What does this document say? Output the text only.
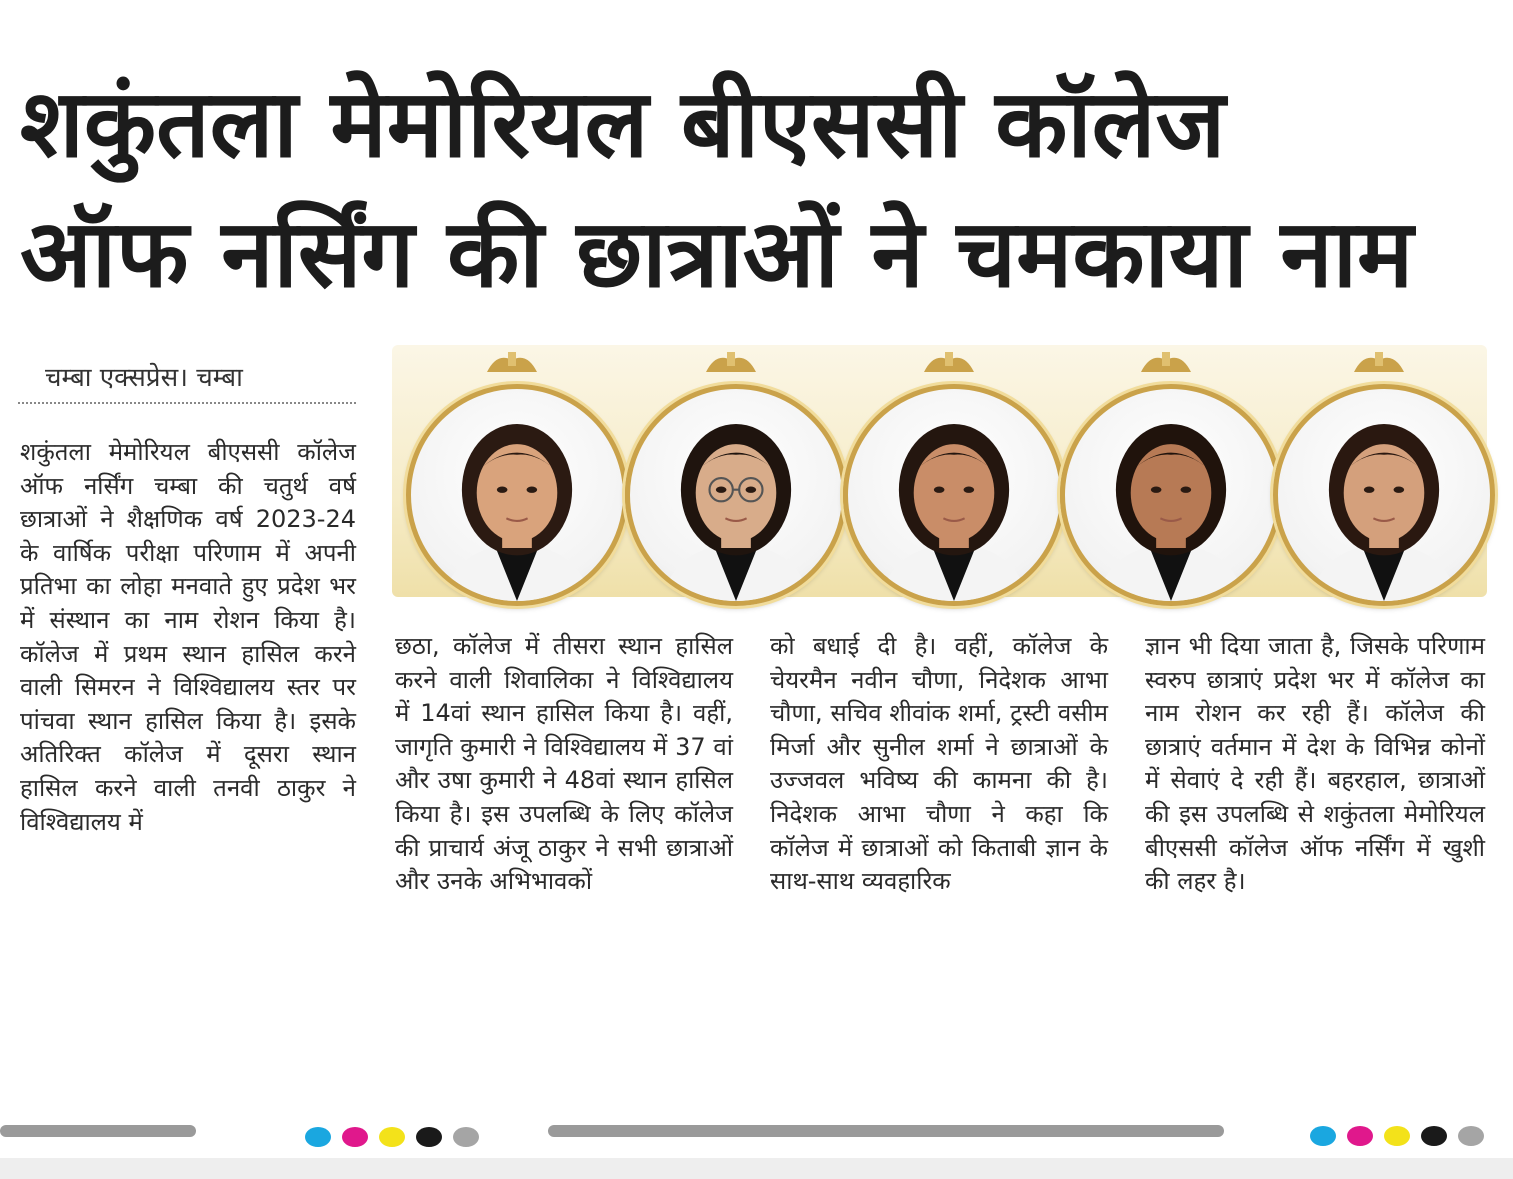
शकुंतला मेमोरियल बीएससी कॉलेज
ऑफ नर्सिंग की छात्राओं ने चमकाया नाम
चम्बा एक्सप्रेस। चम्बा

शकुंतला मेमोरियल बीएससी कॉलेज ऑफ नर्सिंग चम्बा की चतुर्थ वर्ष छात्राओं ने शैक्षणिक वर्ष 2023-24 के वार्षिक परीक्षा परिणाम में अपनी प्रतिभा का लोहा मनवाते हुए प्रदेश भर में संस्थान का नाम रोशन किया है। कॉलेज में प्रथम स्थान हासिल करने वाली सिमरन ने विश्विद्यालय स्तर पर पांचवा स्थान हासिल किया है। इसके अतिरिक्त कॉलेज में दूसरा स्थान हासिल करने वाली तनवी ठाकुर ने विश्विद्यालय में

छठा, कॉलेज में तीसरा स्थान हासिल करने वाली शिवालिका ने विश्विद्यालय में 14वां स्थान हासिल किया है। वहीं, जागृति कुमारी ने विश्विद्यालय में 37 वां और उषा कुमारी ने 48वां स्थान हासिल किया है। इस उपलब्धि के लिए कॉलेज की प्राचार्य अंजू ठाकुर ने सभी छात्राओं और उनके अभिभावकों

को बधाई दी है। वहीं, कॉलेज के चेयरमैन नवीन चौणा, निदेशक आभा चौणा, सचिव शीवांक शर्मा, ट्रस्टी वसीम मिर्जा और सुनील शर्मा ने छात्राओं के उज्जवल भविष्य की कामना की है। निदेशक आभा चौणा ने कहा कि कॉलेज में छात्राओं को किताबी ज्ञान के साथ-साथ व्यवहारिक

ज्ञान भी दिया जाता है, जिसके परिणाम स्वरुप छात्राएं प्रदेश भर में कॉलेज का नाम रोशन कर रही हैं। कॉलेज की छात्राएं वर्तमान में देश के विभिन्न कोनों में सेवाएं दे रही हैं। बहरहाल, छात्राओं की इस उपलब्धि से शकुंतला मेमोरियल बीएससी कॉलेज ऑफ नर्सिंग में खुशी की लहर है।
